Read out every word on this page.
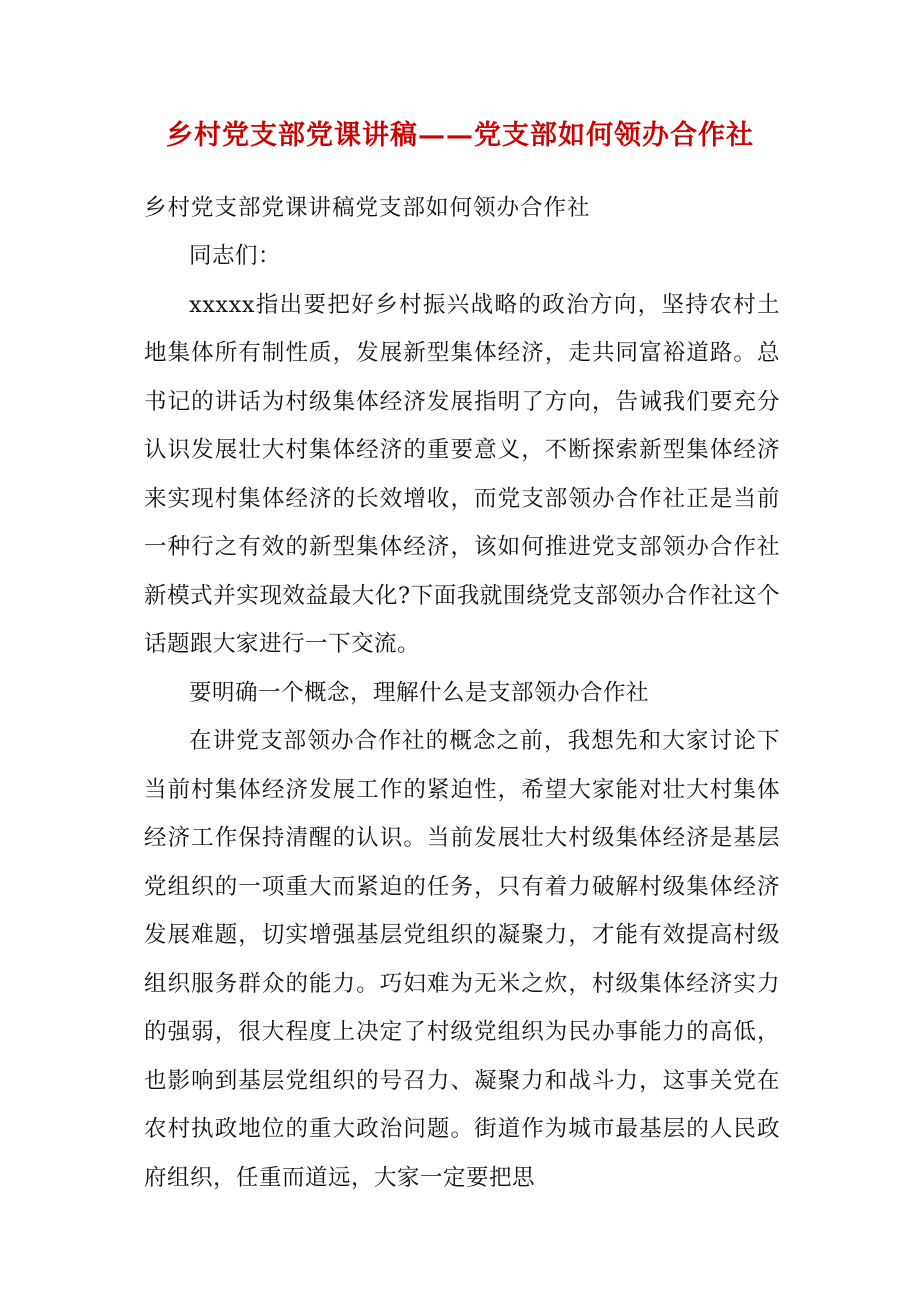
乡村党支部党课讲稿——党支部如何领办合作社
乡村党支部党课讲稿党支部如何领办合作社

同志们：

xxxxx指出要把好乡村振兴战略的政治方向，坚持农村土地集体所有制性质，发展新型集体经济，走共同富裕道路。总书记的讲话为村级集体经济发展指明了方向，告诫我们要充分认识发展壮大村集体经济的重要意义，不断探索新型集体经济来实现村集体经济的长效增收，而党支部领办合作社正是当前一种行之有效的新型集体经济，该如何推进党支部领办合作社新模式并实现效益最大化?下面我就围绕党支部领办合作社这个话题跟大家进行一下交流。

要明确一个概念，理解什么是支部领办合作社

在讲党支部领办合作社的概念之前，我想先和大家讨论下当前村集体经济发展工作的紧迫性，希望大家能对壮大村集体经济工作保持清醒的认识。当前发展壮大村级集体经济是基层党组织的一项重大而紧迫的任务，只有着力破解村级集体经济发展难题，切实增强基层党组织的凝聚力，才能有效提高村级组织服务群众的能力。巧妇难为无米之炊，村级集体经济实力的强弱，很大程度上决定了村级党组织为民办事能力的高低，也影响到基层党组织的号召力、凝聚力和战斗力，这事关党在农村执政地位的重大政治问题。街道作为城市最基层的人民政府组织，任重而道远，大家一定要把思
